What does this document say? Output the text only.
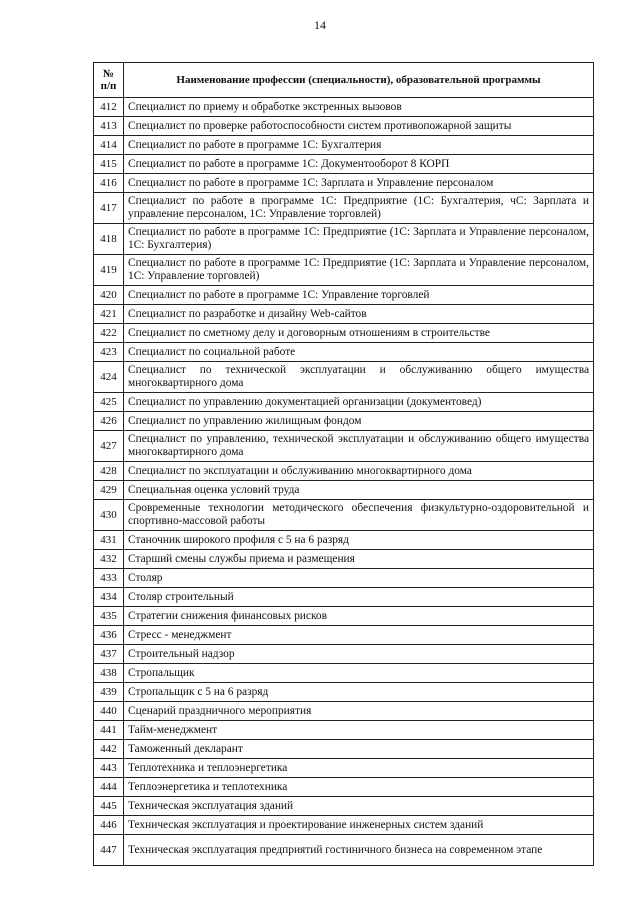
14
№
п/п	Наименование профессии (специальности), образовательной программы
412	Специалист по приему и обработке экстренных вызовов
413	Специалист по проверке работоспособности систем противопожарной защиты
414	Специалист по работе в программе 1С: Бухгалтерия
415	Специалист по работе в программе 1С: Документооборот 8 КОРП
416	Специалист по работе в программе 1С: Зарплата и Управление персоналом
417	Специалист по работе в программе 1С: Предприятие (1С: Бухгалтерия, чС: Зарплата и управление персоналом, 1С: Управление торговлей)
418	Специалист по работе в программе 1С: Предприятие (1С: Зарплата и Управление персоналом, 1С: Бухгалтерия)
419	Специалист по работе в программе 1С: Предприятие (1С: Зарплата и Управление персоналом, 1С: Управление торговлей)
420	Специалист по работе в программе 1С: Управление торговлей
421	Специалист по разработке и дизайну Web-сайтов
422	Специалист по сметному делу и договорным отношениям в строительстве
423	Специалист по социальной работе
424	Специалист по технической эксплуатации и обслуживанию общего имущества многоквартирного дома
425	Специалист по управлению документацией организации (документовед)
426	Специалист по управлению жилищным фондом
427	Специалист по управлению, технической эксплуатации и обслуживанию общего имущества многоквартирного дома
428	Специалист по эксплуатации и обслуживанию многоквартирного дома
429	Специальная оценка условий труда
430	Сровременные технологии методического обеспечения физкультурно-оздоровительной и спортивно-массовой работы
431	Станочник широкого профиля с 5 на 6 разряд
432	Старший смены службы приема и размещения
433	Столяр
434	Столяр строительный
435	Стратегии снижения финансовых рисков
436	Стресс - менеджмент
437	Строительный надзор
438	Стропальщик
439	Стропальщик с 5 на 6 разряд
440	Сценарий праздничного мероприятия
441	Тайм-менеджмент
442	Таможенный декларант
443	Теплотехника и теплоэнергетика
444	Теплоэнергетика и теплотехника
445	Техническая эксплуатация зданий
446	Техническая эксплуатация и проектирование инженерных систем зданий
447	Техническая эксплуатация предприятий гостиничного бизнеса на современном этапе
